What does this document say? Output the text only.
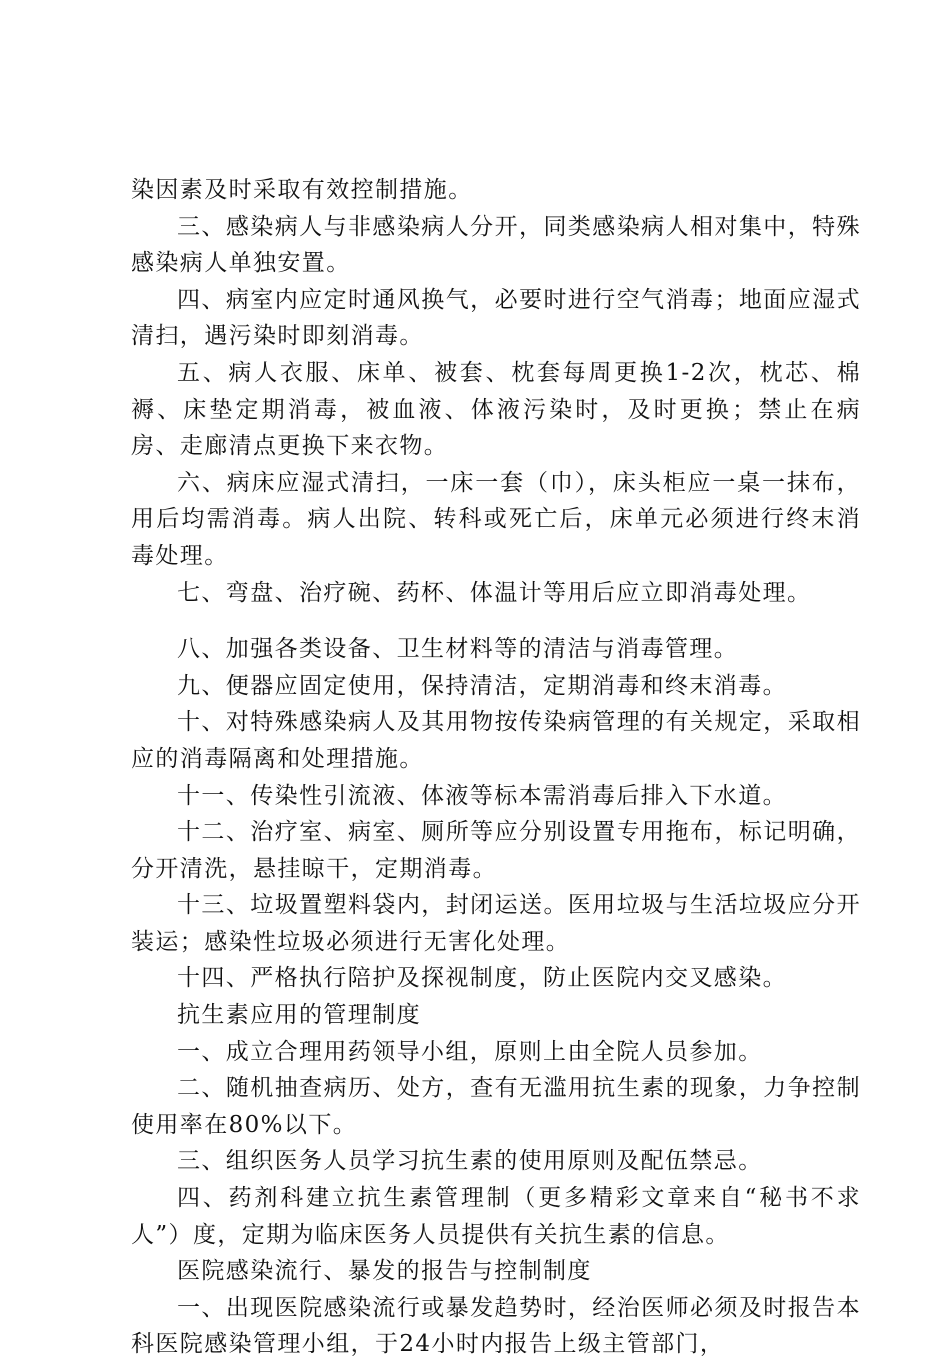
染因素及时采取有效控制措施。

三、感染病人与非感染病人分开，同类感染病人相对集中，特殊感染病人单独安置。

四、病室内应定时通风换气，必要时进行空气消毒；地面应湿式清扫，遇污染时即刻消毒。

五、病人衣服、床单、被套、枕套每周更换1-2次，枕芯、棉褥、床垫定期消毒，被血液、体液污染时，及时更换；禁止在病房、走廊清点更换下来衣物。

六、病床应湿式清扫，一床一套（巾），床头柜应一桌一抹布，用后均需消毒。病人出院、转科或死亡后，床单元必须进行终末消毒处理。

七、弯盘、治疗碗、药杯、体温计等用后应立即消毒处理。

八、加强各类设备、卫生材料等的清洁与消毒管理。

九、便器应固定使用，保持清洁，定期消毒和终末消毒。

十、对特殊感染病人及其用物按传染病管理的有关规定，采取相应的消毒隔离和处理措施。

十一、传染性引流液、体液等标本需消毒后排入下水道。

十二、治疗室、病室、厕所等应分别设置专用拖布，标记明确，分开清洗，悬挂晾干，定期消毒。

十三、垃圾置塑料袋内，封闭运送。医用垃圾与生活垃圾应分开装运；感染性垃圾必须进行无害化处理。

十四、严格执行陪护及探视制度，防止医院内交叉感染。

抗生素应用的管理制度

一、成立合理用药领导小组，原则上由全院人员参加。

二、随机抽查病历、处方，查有无滥用抗生素的现象，力争控制使用率在80%以下。

三、组织医务人员学习抗生素的使用原则及配伍禁忌。

四、药剂科建立抗生素管理制（更多精彩文章来自“秘书不求人”）度，定期为临床医务人员提供有关抗生素的信息。

医院感染流行、暴发的报告与控制制度

一、出现医院感染流行或暴发趋势时，经治医师必须及时报告本科医院感染管理小组，于24小时内报告上级主管部门，
